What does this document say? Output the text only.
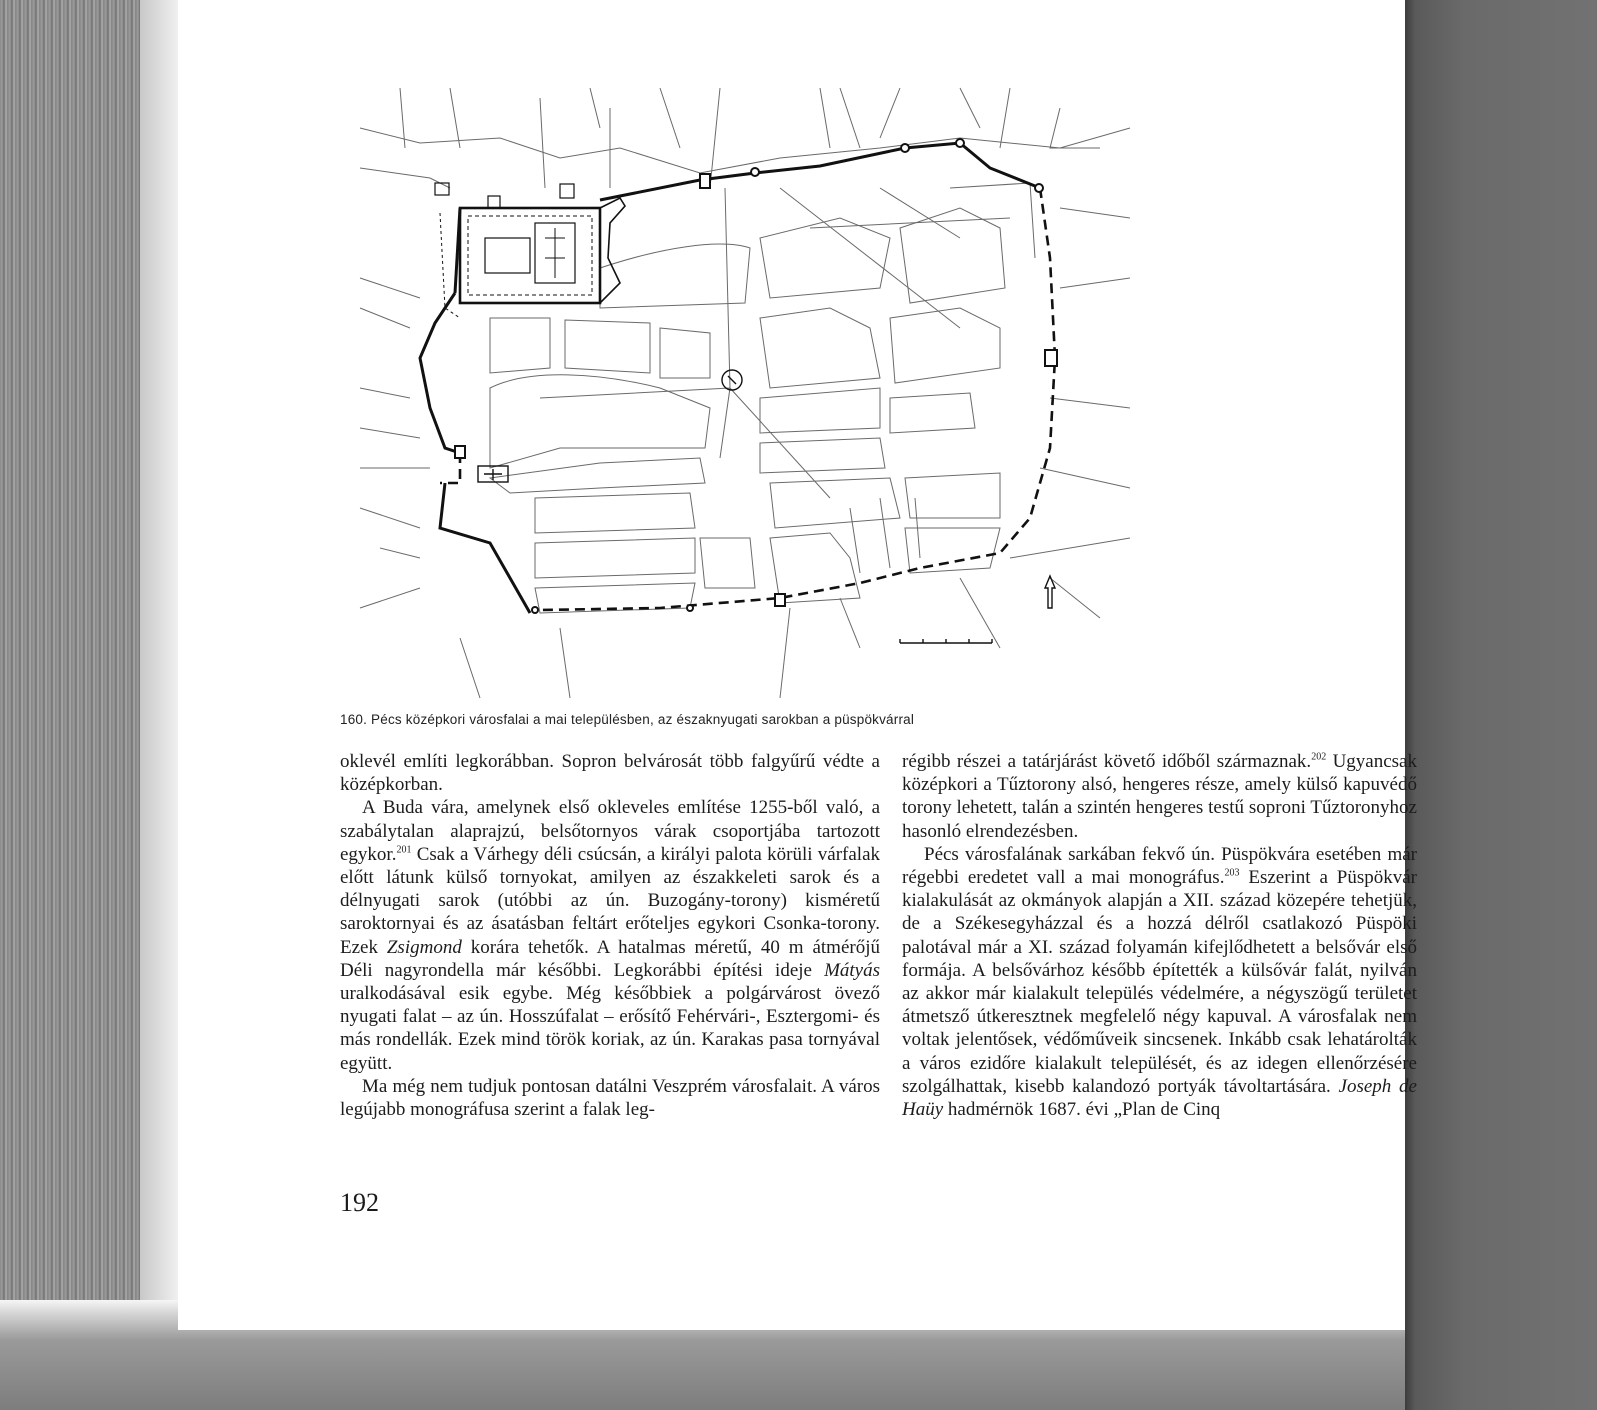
160. Pécs középkori városfalai a mai településben, az északnyugati sarokban a püspökvárral

oklevél említi legkorábban. Sopron belvárosát több falgyűrű védte a középkorban.

A Buda vára, amelynek első okleveles említése 1255-ből való, a szabálytalan alaprajzú, belsőtornyos várak csoportjába tartozott egykor.$^{201}$ Csak a Várhegy déli csúcsán, a királyi palota körüli várfalak előtt látunk külső tornyokat, amilyen az északkeleti sarok és a délnyugati sarok (utóbbi az ún. Buzogány-torony) kisméretű saroktornyai és az ásatásban feltárt erőteljes egykori Csonka-torony. Ezek Zsigmond korára tehetők. A hatalmas méretű, 40 m átmérőjű Déli nagyrondella már későbbi. Legkorábbi építési ideje Mátyás uralkodásával esik egybe. Még későbbiek a polgárvárost övező nyugati falat – az ún. Hosszúfalat – erősítő Fehérvári-, Esztergomi- és más rondellák. Ezek mind török koriak, az ún. Karakas pasa tornyával együtt.

Ma még nem tudjuk pontosan datálni Veszprém városfalait. A város legújabb monográfusa szerint a falak leg-

régibb részei a tatárjárást követő időből származnak.$^{202}$ Ugyancsak középkori a Tűztorony alsó, hengeres része, amely külső kapuvédő torony lehetett, talán a szintén hengeres testű soproni Tűztoronyhoz hasonló elrendezésben.

Pécs városfalának sarkában fekvő ún. Püspökvára esetében már régebbi eredetet vall a mai monográfus.$^{203}$ Eszerint a Püspökvár kialakulását az okmányok alapján a XII. század közepére tehetjük, de a Székesegyházzal és a hozzá délről csatlakozó Püspöki palotával már a XI. század folyamán kifejlődhetett a belsővár első formája. A belsővárhoz később építették a külsővár falát, nyilván az akkor már kialakult település védelmére, a négyszögű területet átmetsző útkeresztnek megfelelő négy kapuval. A városfalak nem voltak jelentősek, védőműveik sincsenek. Inkább csak lehatárolták a város ezidőre kialakult települését, és az idegen ellenőrzésére szolgálhattak, kisebb kalandozó portyák távoltartására. Joseph de Haüy hadmérnök 1687. évi „Plan de Cinq

192
